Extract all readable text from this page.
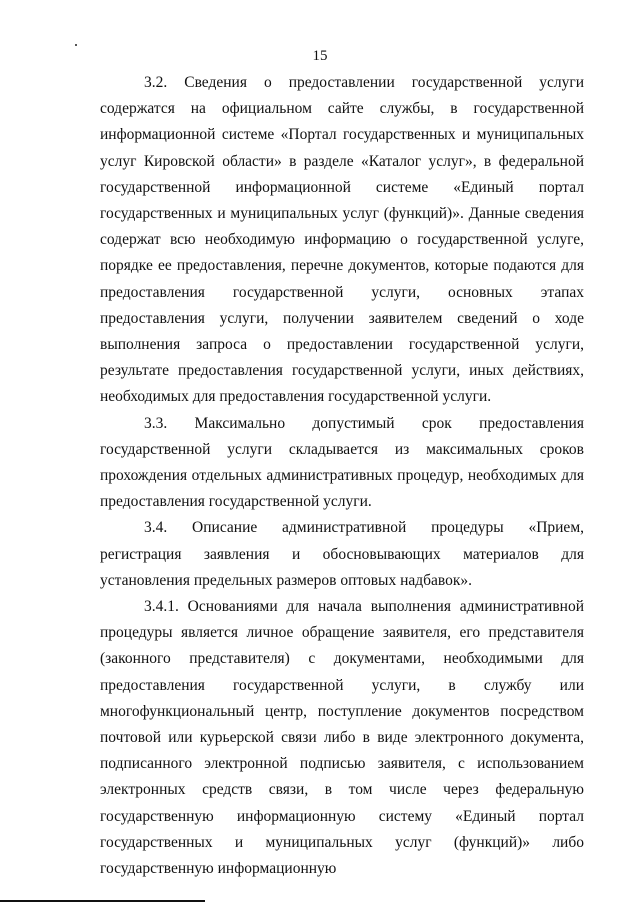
15

3.2. Сведения о предоставлении государственной услуги содержатся на официальном сайте службы, в государственной информационной системе «Портал государственных и муниципальных услуг Кировской области» в разделе «Каталог услуг», в федеральной государственной информационной системе «Единый портал государственных и муниципальных услуг (функций)». Данные сведения содержат всю необходимую информацию о государственной услуге, порядке ее предоставления, перечне документов, которые подаются для предоставления государственной услуги, основных этапах предоставления услуги, получении заявителем сведений о ходе выполнения запроса о предоставлении государственной услуги, результате предоставления государственной услуги, иных действиях, необходимых для предоставления государственной услуги.

3.3. Максимально допустимый срок предоставления государственной услуги складывается из максимальных сроков прохождения отдельных административных процедур, необходимых для предоставления государственной услуги.

3.4. Описание административной процедуры «Прием, регистрация заявления и обосновывающих материалов для установления предельных размеров оптовых надбавок».

3.4.1. Основаниями для начала выполнения административной процедуры является личное обращение заявителя, его представителя (законного представителя) с документами, необходимыми для предоставления государственной услуги, в службу или многофункциональный центр, поступление документов посредством почтовой или курьерской связи либо в виде электронного документа, подписанного электронной подписью заявителя, с использованием электронных средств связи, в том числе через федеральную государственную информационную систему «Единый портал государственных и муниципальных услуг (функций)» либо государственную информационную
